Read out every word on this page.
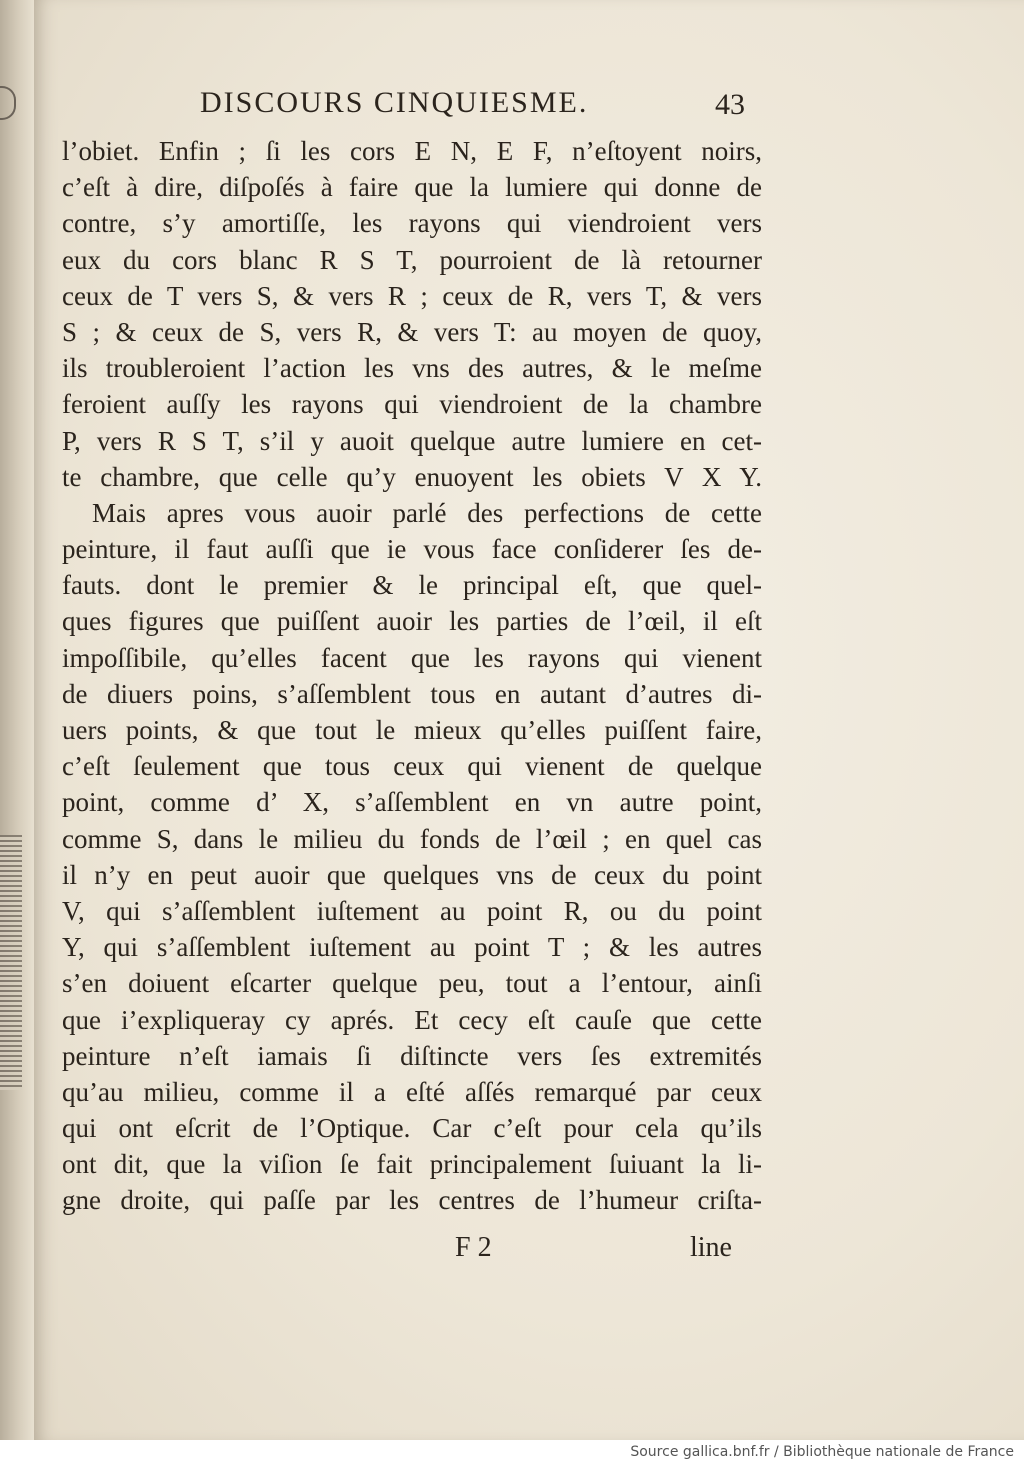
DISCOURS CINQUIESME.	43
l’obiet. Enfin ; ſi les cors E N, E F, n’eſtoyent noirs,
c’eſt à dire, diſpoſés à faire que la lumiere qui donne de
contre, s’y amortiſſe, les rayons qui viendroient vers
eux du cors blanc R S T, pourroient de là retourner
ceux de T vers S, & vers R ; ceux de R, vers T, & vers
S ; & ceux de S, vers R, & vers T: au moyen de quoy,
ils troubleroient l’action les vns des autres, & le meſme
feroient auſſy les rayons qui viendroient de la chambre
P, vers R S T, s’il y auoit quelque autre lumiere en cet-
te chambre, que celle qu’y enuoyent les obiets V X Y.
Mais apres vous auoir parlé des perfections de cette
peinture, il faut auſſi que ie vous face conſiderer ſes de-
fauts. dont le premier & le principal eſt, que quel-
ques figures que puiſſent auoir les parties de l’œil, il eſt
impoſſibile, qu’elles facent que les rayons qui vienent
de diuers poins, s’aſſemblent tous en autant d’autres di-
uers points, & que tout le mieux qu’elles puiſſent faire,
c’eſt ſeulement que tous ceux qui vienent de quelque
point, comme d’ X, s’aſſemblent en vn autre point,
comme S, dans le milieu du fonds de l’œil ; en quel cas
il n’y en peut auoir que quelques vns de ceux du point
V, qui s’aſſemblent iuſtement au point R, ou du point
Y, qui s’aſſemblent iuſtement au point T ; & les autres
s’en doiuent eſcarter quelque peu, tout a l’entour, ainſi
que i’expliqueray cy aprés. Et cecy eſt cauſe que cette
peinture n’eſt iamais ſi diſtincte vers ſes extremités
qu’au milieu, comme il a eſté aſſés remarqué par ceux
qui ont eſcrit de l’Optique. Car c’eſt pour cela qu’ils
ont dit, que la viſion ſe fait principalement ſuiuant la li-
gne droite, qui paſſe par les centres de l’humeur criſta-
F 2	line
Source gallica.bnf.fr / Bibliothèque nationale de France
